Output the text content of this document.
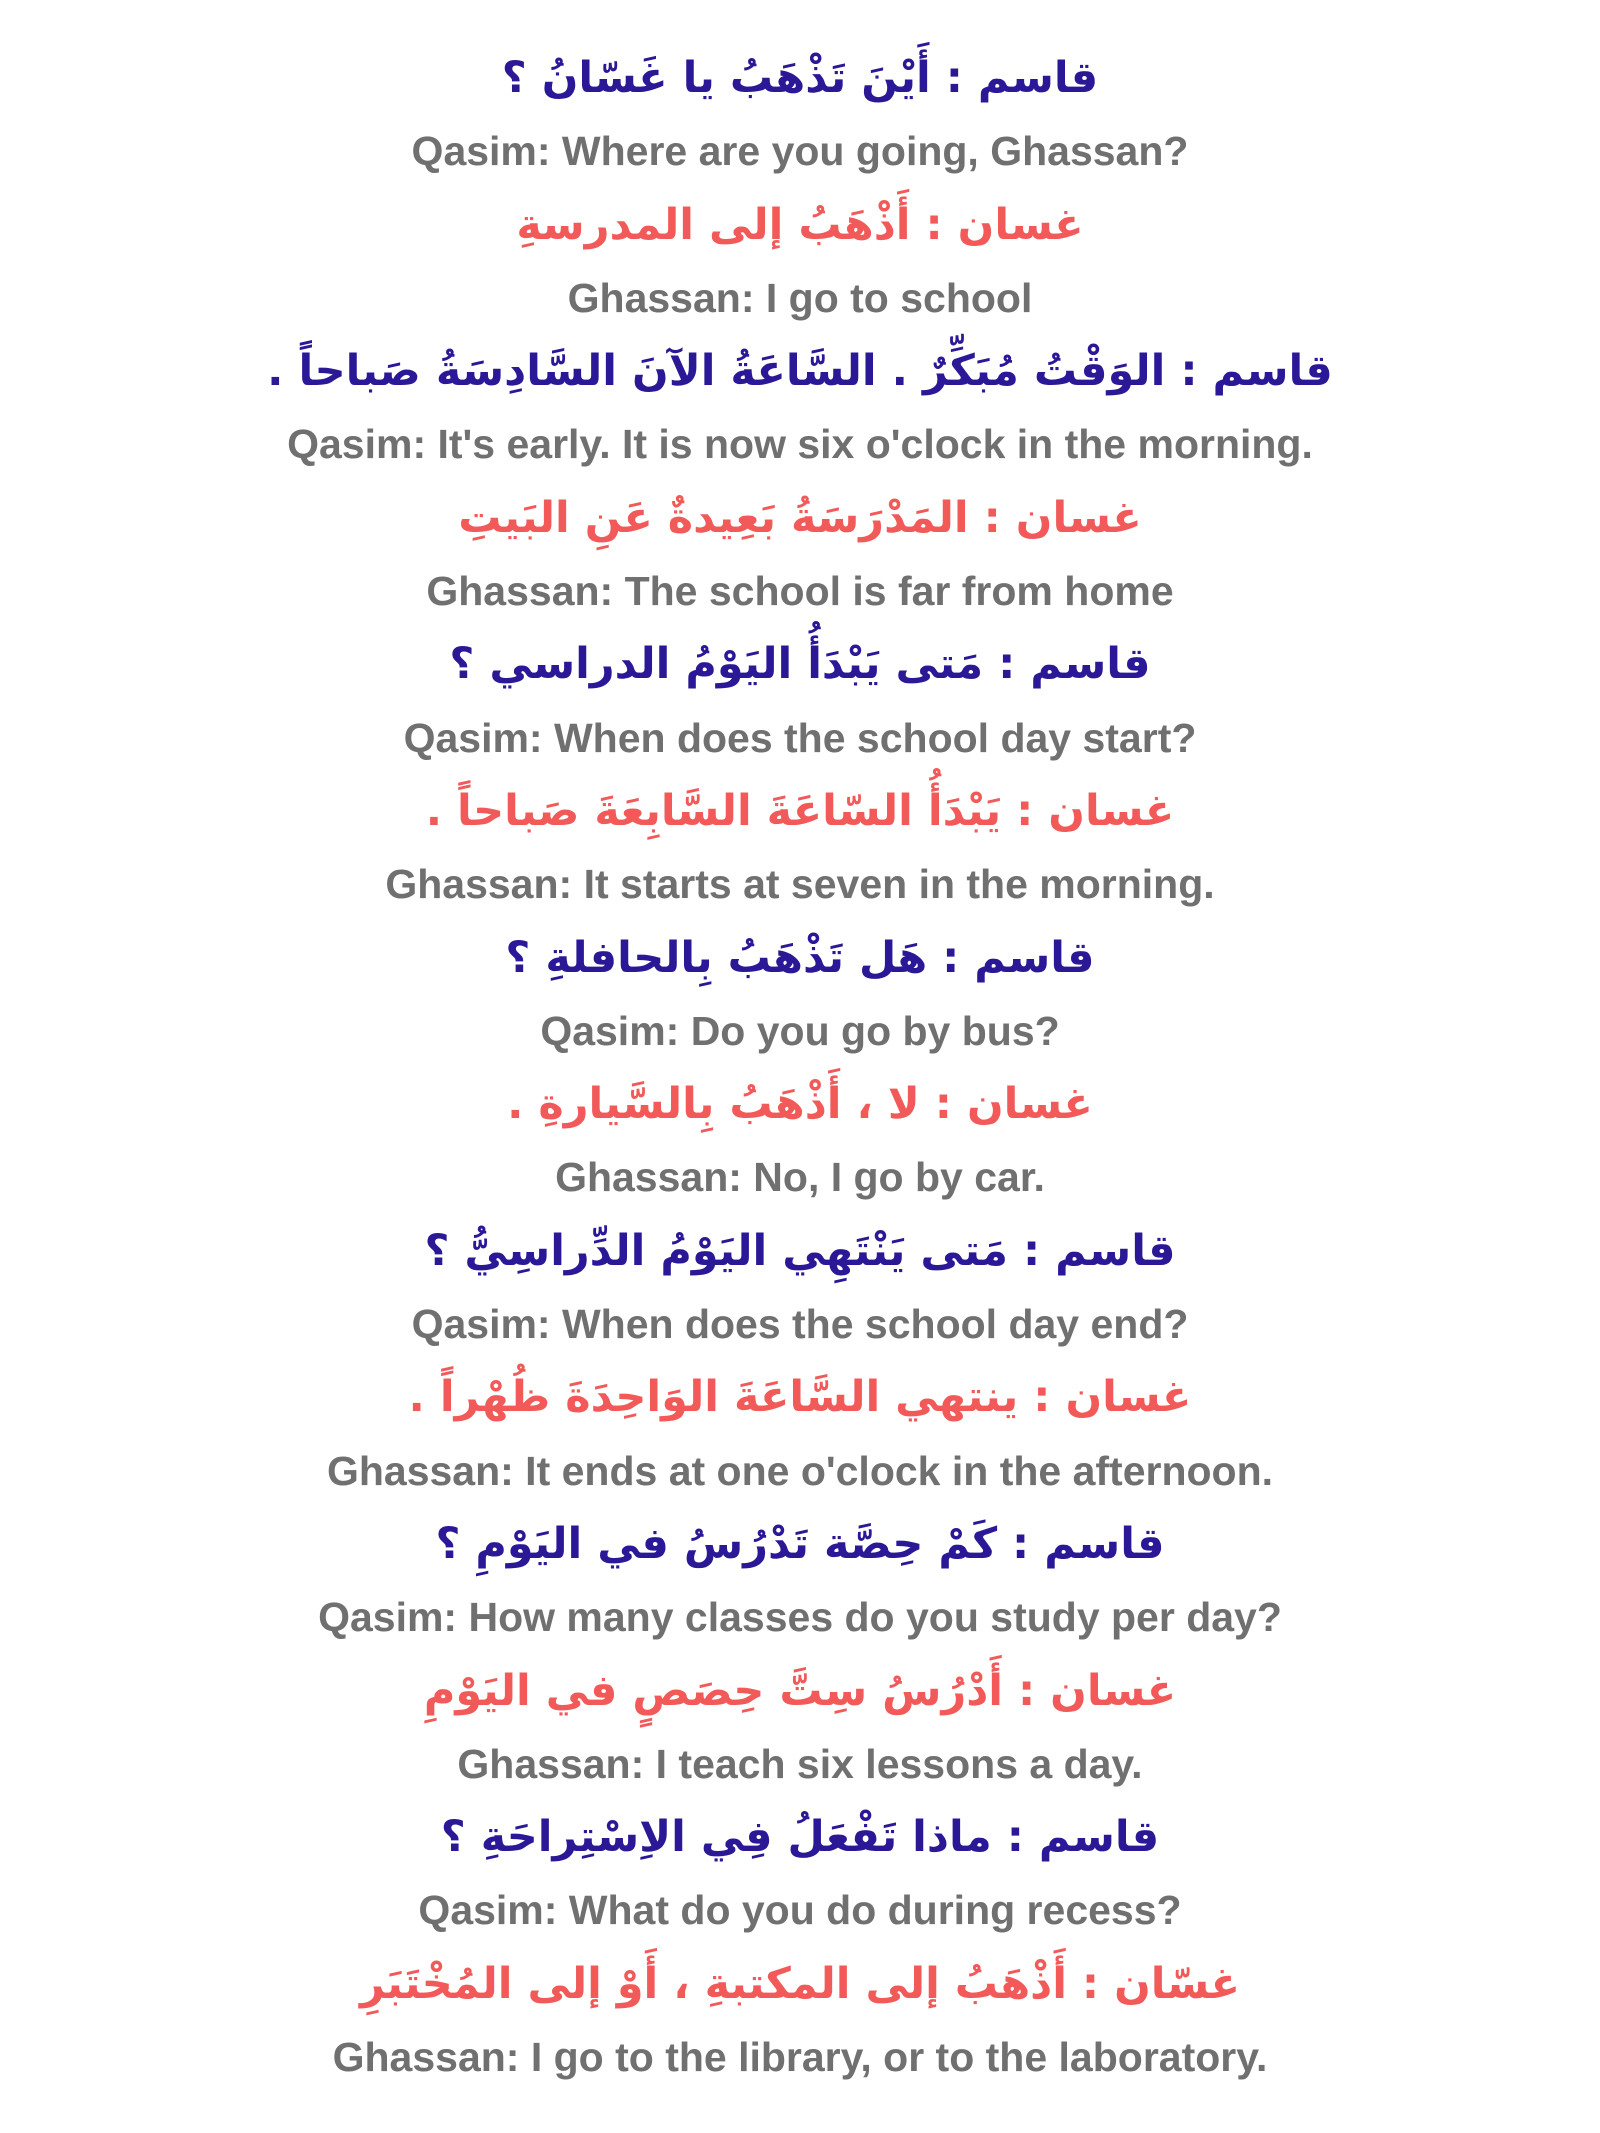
قاسم : أَيْنَ تَذْهَبُ يا غَسّانُ ؟
Qasim: Where are you going, Ghassan?
غسان : أَذْهَبُ إلى المدرسةِ
Ghassan: I go to school
قاسم : الوَقْتُ مُبَكِّرٌ . السَّاعَةُ الآنَ السَّادِسَةُ صَباحاً .
Qasim: It's early. It is now six o'clock in the morning.
غسان : المَدْرَسَةُ بَعِيدةٌ عَنِ البَيتِ
Ghassan: The school is far from home
قاسم : مَتى يَبْدَأُ اليَوْمُ الدراسي ؟
Qasim: When does the school day start?
غسان : يَبْدَأُ السّاعَةَ السَّابِعَةَ صَباحاً .
Ghassan: It starts at seven in the morning.
قاسم : هَل تَذْهَبُ بِالحافلةِ ؟
Qasim: Do you go by bus?
غسان : لا ، أَذْهَبُ بِالسَّيارةِ .
Ghassan: No, I go by car.
قاسم : مَتى يَنْتَهِي اليَوْمُ الدِّراسِيُّ ؟
Qasim: When does the school day end?
غسان : ينتهي السَّاعَةَ الوَاحِدَةَ ظُهْراً .
Ghassan: It ends at one o'clock in the afternoon.
قاسم : كَمْ حِصَّة تَدْرُسُ في اليَوْمِ ؟
Qasim: How many classes do you study per day?
غسان : أَدْرُسُ سِتَّ حِصَصٍ في اليَوْمِ
Ghassan: I teach six lessons a day.
قاسم : ماذا تَفْعَلُ فِي الاِسْتِراحَةِ ؟
Qasim: What do you do during recess?
غسّان : أَذْهَبُ إلى المكتبةِ ، أَوْ إلى المُخْتَبَرِ
Ghassan: I go to the library, or to the laboratory.
